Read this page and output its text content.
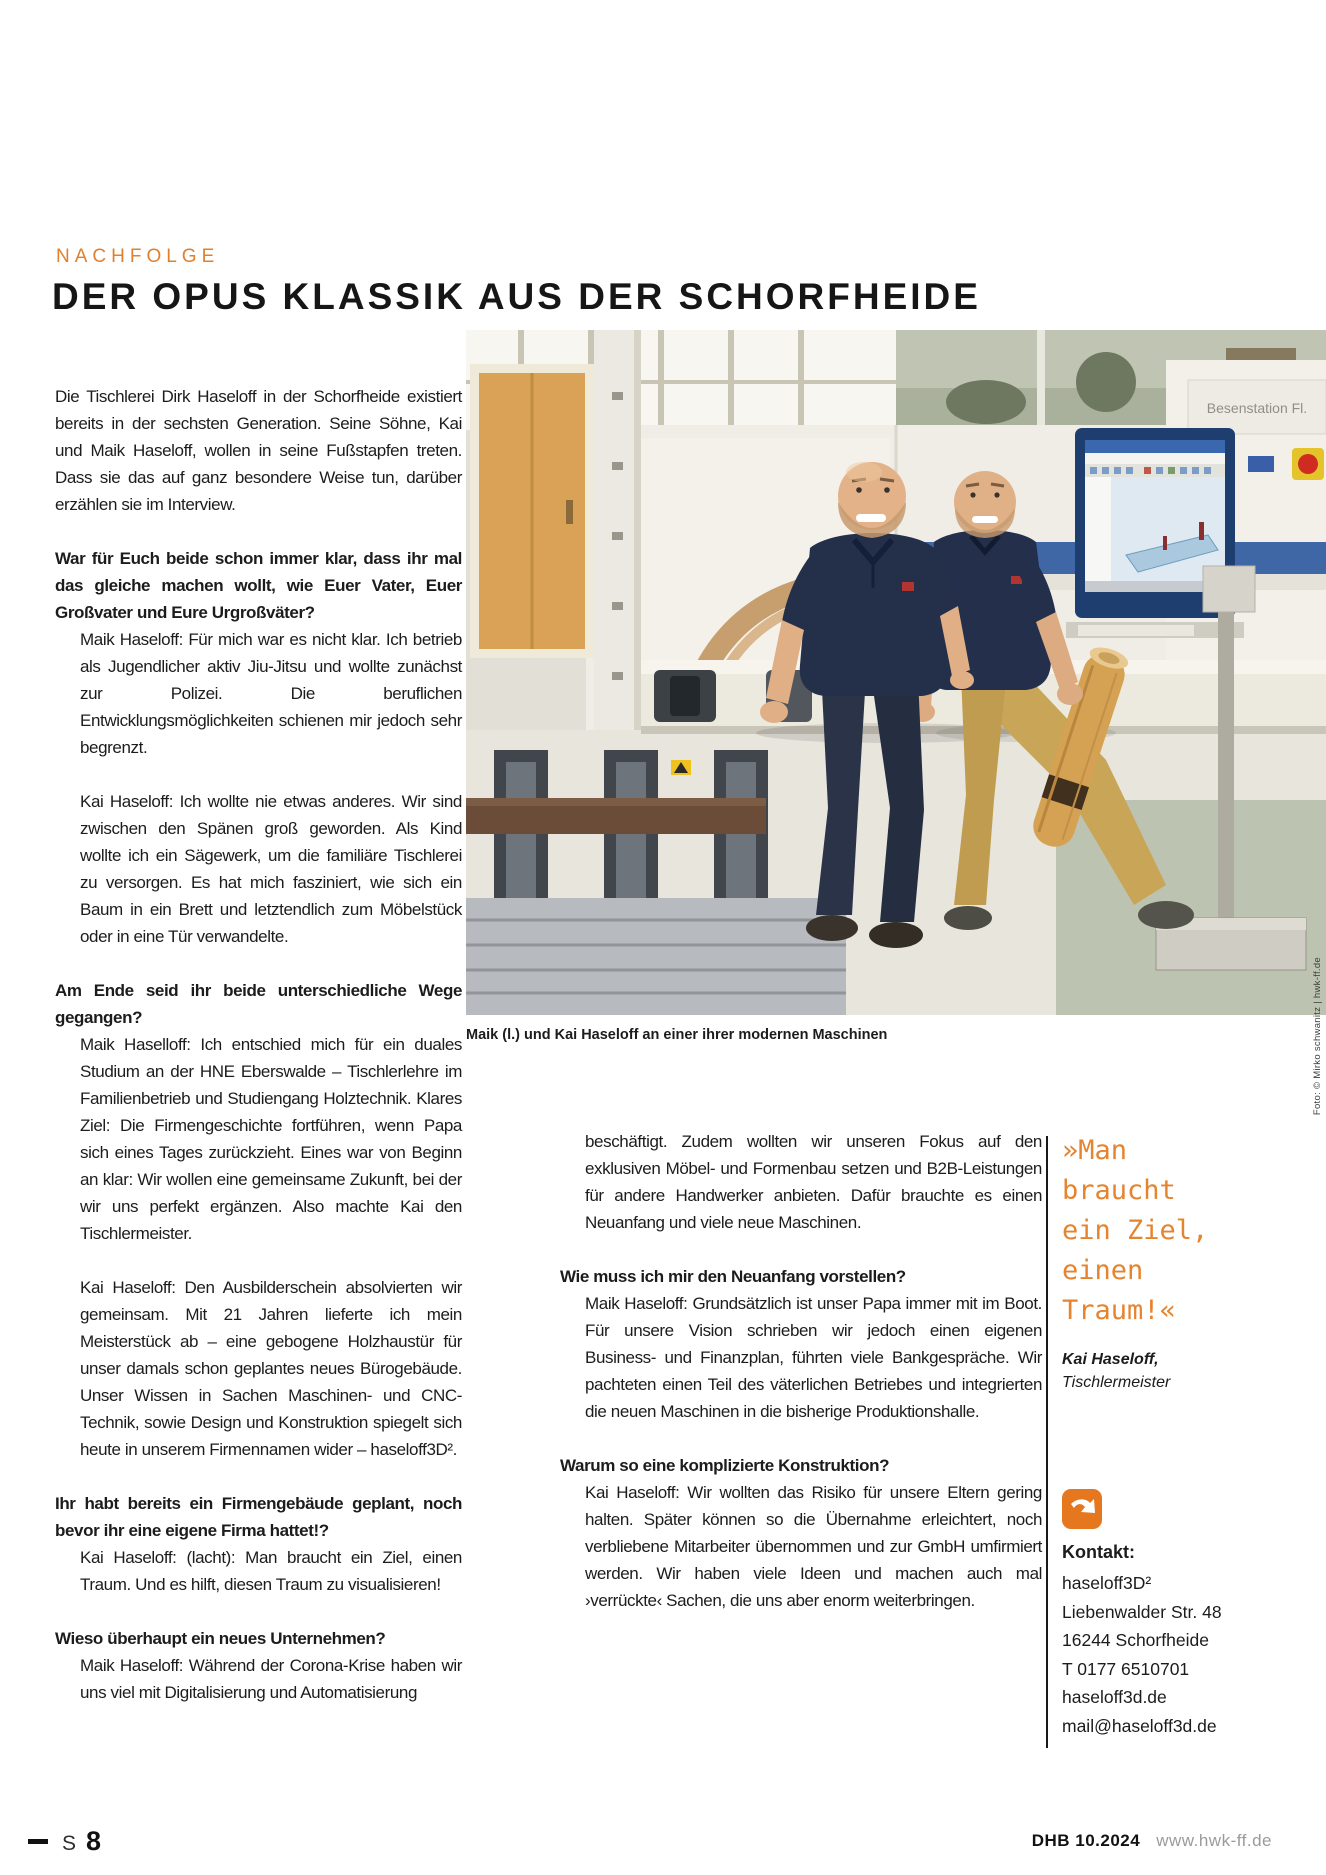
NACHFOLGE
DER OPUS KLASSIK AUS DER SCHORFHEIDE

Die Tischlerei Dirk Haseloff in der Schorfheide existiert bereits in der sechsten Generation. Seine Söhne, Kai und Maik Haseloff, wollen in seine Fußstapfen treten. Dass sie das auf ganz besondere Weise tun, darüber erzählen sie im Interview.

War für Euch beide schon immer klar, dass ihr mal das gleiche machen wollt, wie Euer Vater, Euer Großvater und Eure Urgroßväter?

Maik Haseloff: Für mich war es nicht klar. Ich betrieb als Jugendlicher aktiv Jiu-Jitsu und wollte zunächst zur Polizei. Die beruflichen Entwicklungsmöglichkeiten schienen mir jedoch sehr begrenzt.

Kai Haseloff: Ich wollte nie etwas anderes. Wir sind zwischen den Spänen groß geworden. Als Kind wollte ich ein Sägewerk, um die familiäre Tischlerei zu versorgen. Es hat mich fasziniert, wie sich ein Baum in ein Brett und letztendlich zum Möbelstück oder in eine Tür verwandelte.

Am Ende seid ihr beide unterschiedliche Wege gegangen?

Maik Haselloff: Ich entschied mich für ein duales Studium an der HNE Eberswalde – Tischlerlehre im Familienbetrieb und Studiengang Holztechnik. Klares Ziel: Die Firmengeschichte fortführen, wenn Papa sich eines Tages zurückzieht. Eines war von Beginn an klar: Wir wollen eine gemeinsame Zukunft, bei der wir uns perfekt ergänzen. Also machte Kai den Tischlermeister.

Kai Haseloff: Den Ausbilderschein absolvierten wir gemeinsam. Mit 21 Jahren lieferte ich mein Meisterstück ab – eine gebogene Holzhaustür für unser damals schon geplantes neues Bürogebäude. Unser Wissen in Sachen Maschinen- und CNC-Technik, sowie Design und Konstruktion spiegelt sich heute in unserem Firmennamen wider – haseloff3D².

Ihr habt bereits ein Firmengebäude geplant, noch bevor ihr eine eigene Firma hattet!?

Kai Haseloff: (lacht): Man braucht ein Ziel, einen Traum. Und es hilft, diesen Traum zu visualisieren!

Wieso überhaupt ein neues Unternehmen?

Maik Haseloff: Während der Corona-Krise haben wir uns viel mit Digitalisierung und Automatisierung

Besenstation Fl.
Foto: © Mirko schwanitz | hwk-ff.de
Maik (l.) und Kai Haseloff an einer ihrer modernen Maschinen

beschäftigt. Zudem wollten wir unseren Fokus auf den exklusiven Möbel- und Formenbau setzen und B2B-Leistungen für andere Handwerker anbieten. Dafür brauchte es einen Neuanfang und viele neue Maschinen.

Wie muss ich mir den Neuanfang vorstellen?

Maik Haseloff: Grundsätzlich ist unser Papa immer mit im Boot. Für unsere Vision schrieben wir jedoch einen eigenen Business- und Finanzplan, führten viele Bankgespräche. Wir pachteten einen Teil des väterlichen Betriebes und integrierten die neuen Maschinen in die bisherige Produktionshalle.

Warum so eine komplizierte Konstruktion?

Kai Haseloff: Wir wollten das Risiko für unsere Eltern gering halten. Später können so die Übernahme erleichtert, noch verbliebene Mitarbeiter übernommen und zur GmbH umfirmiert werden. Wir haben viele Ideen und machen auch mal ›verrückte‹ Sachen, die uns aber enorm weiterbringen.

»Man braucht ein Ziel, einen Traum!«
Kai Haseloff,
Tischlermeister
Kontakt:
haseloff3D²
Liebenwalder Str. 48
16244 Schorfheide
T 0177 6510701
haseloff3d.de
mail@haseloff3d.de
S 8	DHB 10.2024 www.hwk-ff.de
